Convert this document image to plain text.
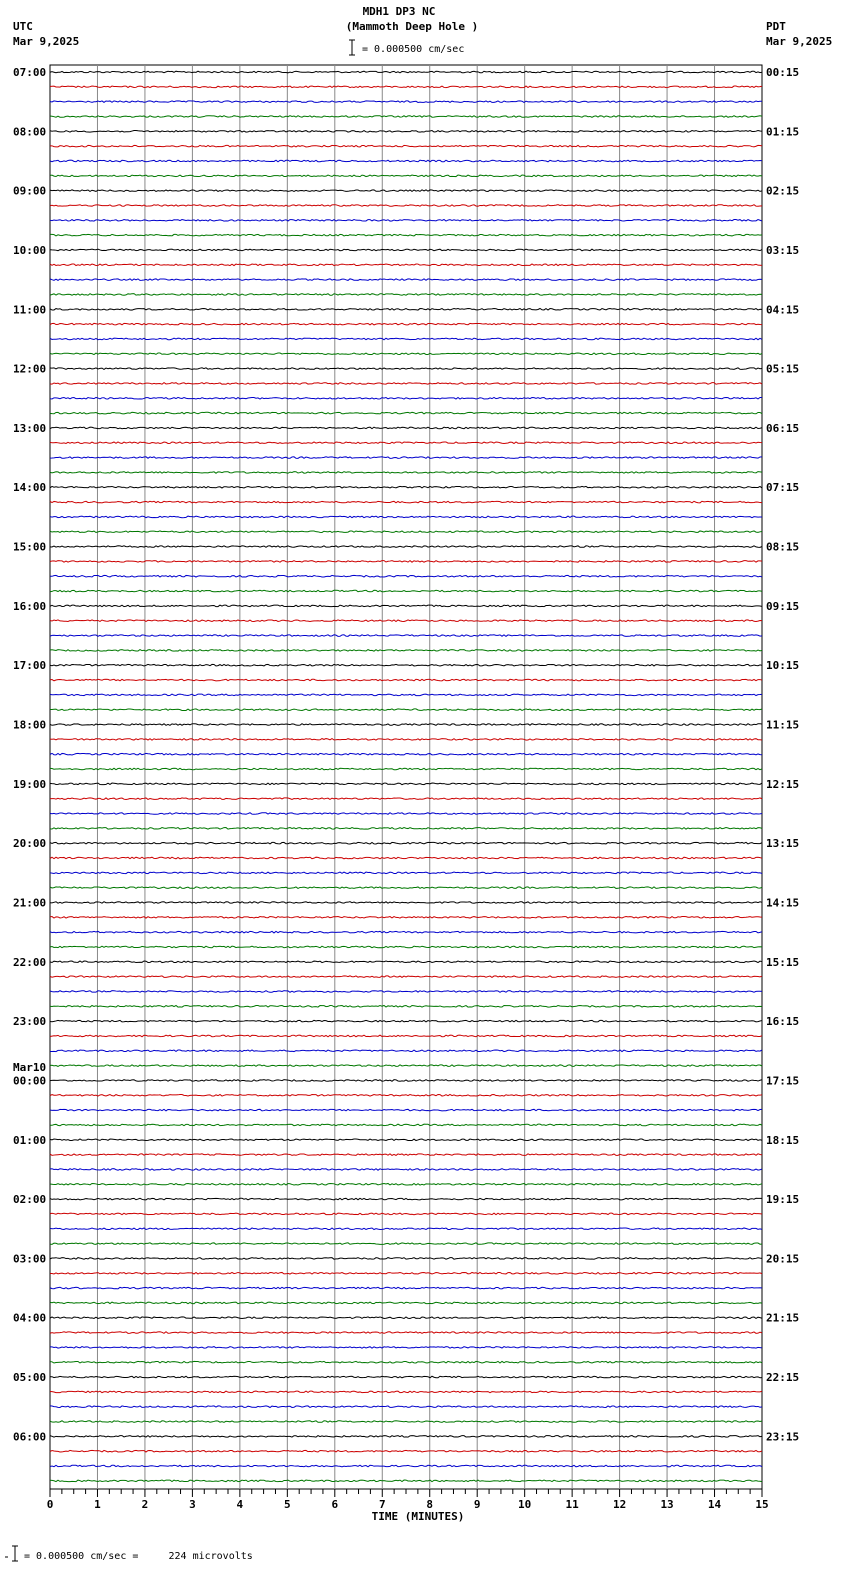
MDH1 DP3 NC
(Mammoth Deep Hole )
UTC
Mar 9,2025
PDT
Mar 9,2025
= 0.000500 cm/sec
07:00
08:00
09:00
10:00
11:00
12:00
13:00
14:00
15:00
16:00
17:00
18:00
19:00
20:00
21:00
22:00
23:00
00:00
01:00
02:00
03:00
04:00
05:00
06:00
00:15
01:15
02:15
03:15
04:15
05:15
06:15
07:15
08:15
09:15
10:15
11:15
12:15
13:15
14:15
15:15
16:15
17:15
18:15
19:15
20:15
21:15
22:15
23:15
Mar10
0	1	2	3	4	5	6	7	8	9	10	11	12	13	14	15
TIME (MINUTES)
= 0.000500 cm/sec =     224 microvolts
